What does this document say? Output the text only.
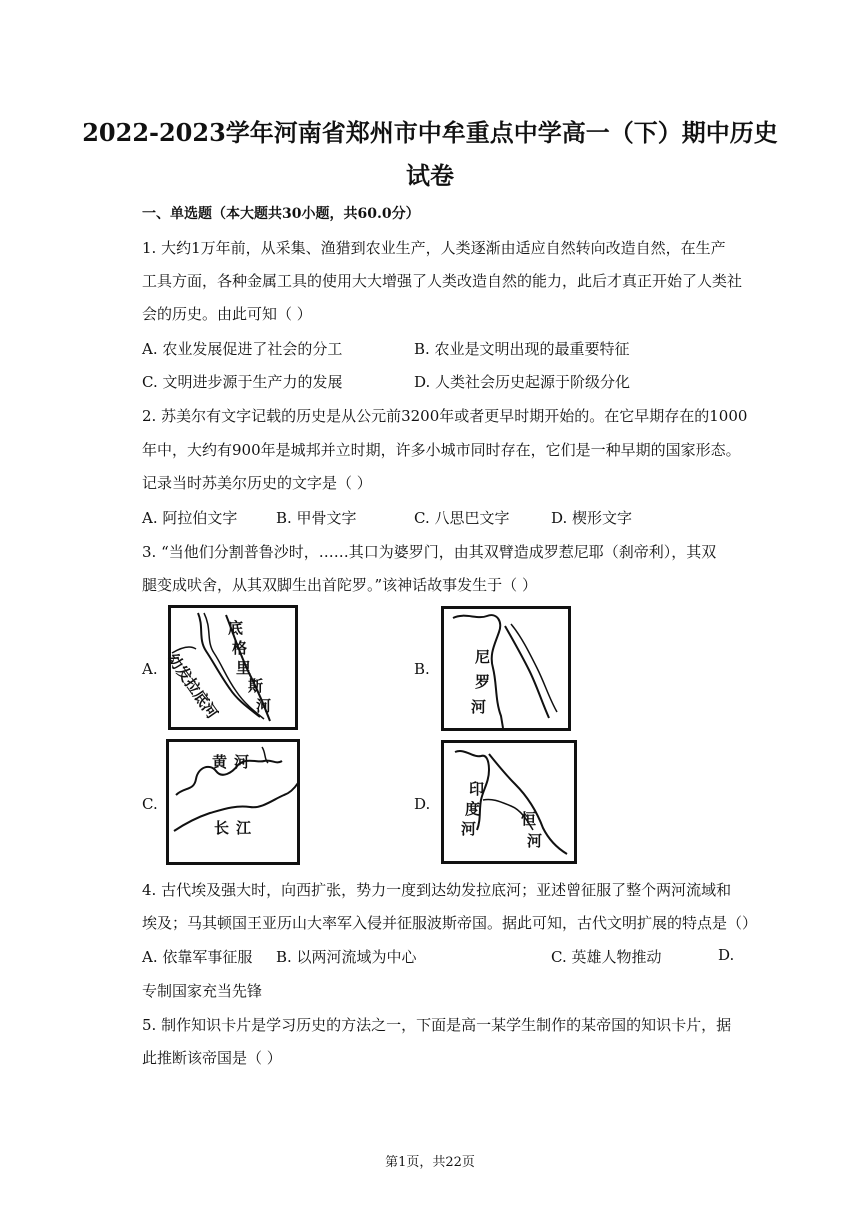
2022-2023学年河南省郑州市中牟重点中学高一（下）期中历史
试卷
一、单选题（本大题共30小题，共60.0分）
1. 大约1万年前，从采集、渔猎到农业生产，人类逐渐由适应自然转向改造自然，在生产
工具方面，各种金属工具的使用大大增强了人类改造自然的能力，此后才真正开始了人类社
会的历史。由此可知（ ）
A. 农业发展促进了社会的分工	B. 农业是文明出现的最重要特征
C. 文明进步源于生产力的发展	D. 人类社会历史起源于阶级分化
2. 苏美尔有文字记载的历史是从公元前3200年或者更早时期开始的。在它早期存在的1000
年中，大约有900年是城邦并立时期，许多小城市同时存在，它们是一种早期的国家形态。
记录当时苏美尔历史的文字是（ ）
A. 阿拉伯文字	B. 甲骨文字	C. 八思巴文字	D. 楔形文字
3. “当他们分割普鲁沙时，……其口为婆罗门，由其双臂造成罗惹尼耶（刹帝利），其双
腿变成吠舍，从其双脚生出首陀罗。”该神话故事发生于（ ）
A.	B.
C.	D.
底
格
里
斯
河
幼发拉底河	尼
罗
河
黄 河
长 江
印
度
河
恒
河
4. 古代埃及强大时，向西扩张，势力一度到达幼发拉底河；亚述曾征服了整个两河流域和
埃及；马其顿国王亚历山大率军入侵并征服波斯帝国。据此可知，古代文明扩展的特点是（）
A. 依靠军事征服 B. 以两河流域为中心	C. 英雄人物推动	D.
专制国家充当先锋
5. 制作知识卡片是学习历史的方法之一，下面是高一某学生制作的某帝国的知识卡片，据
此推断该帝国是（ ）
第1页，共22页
